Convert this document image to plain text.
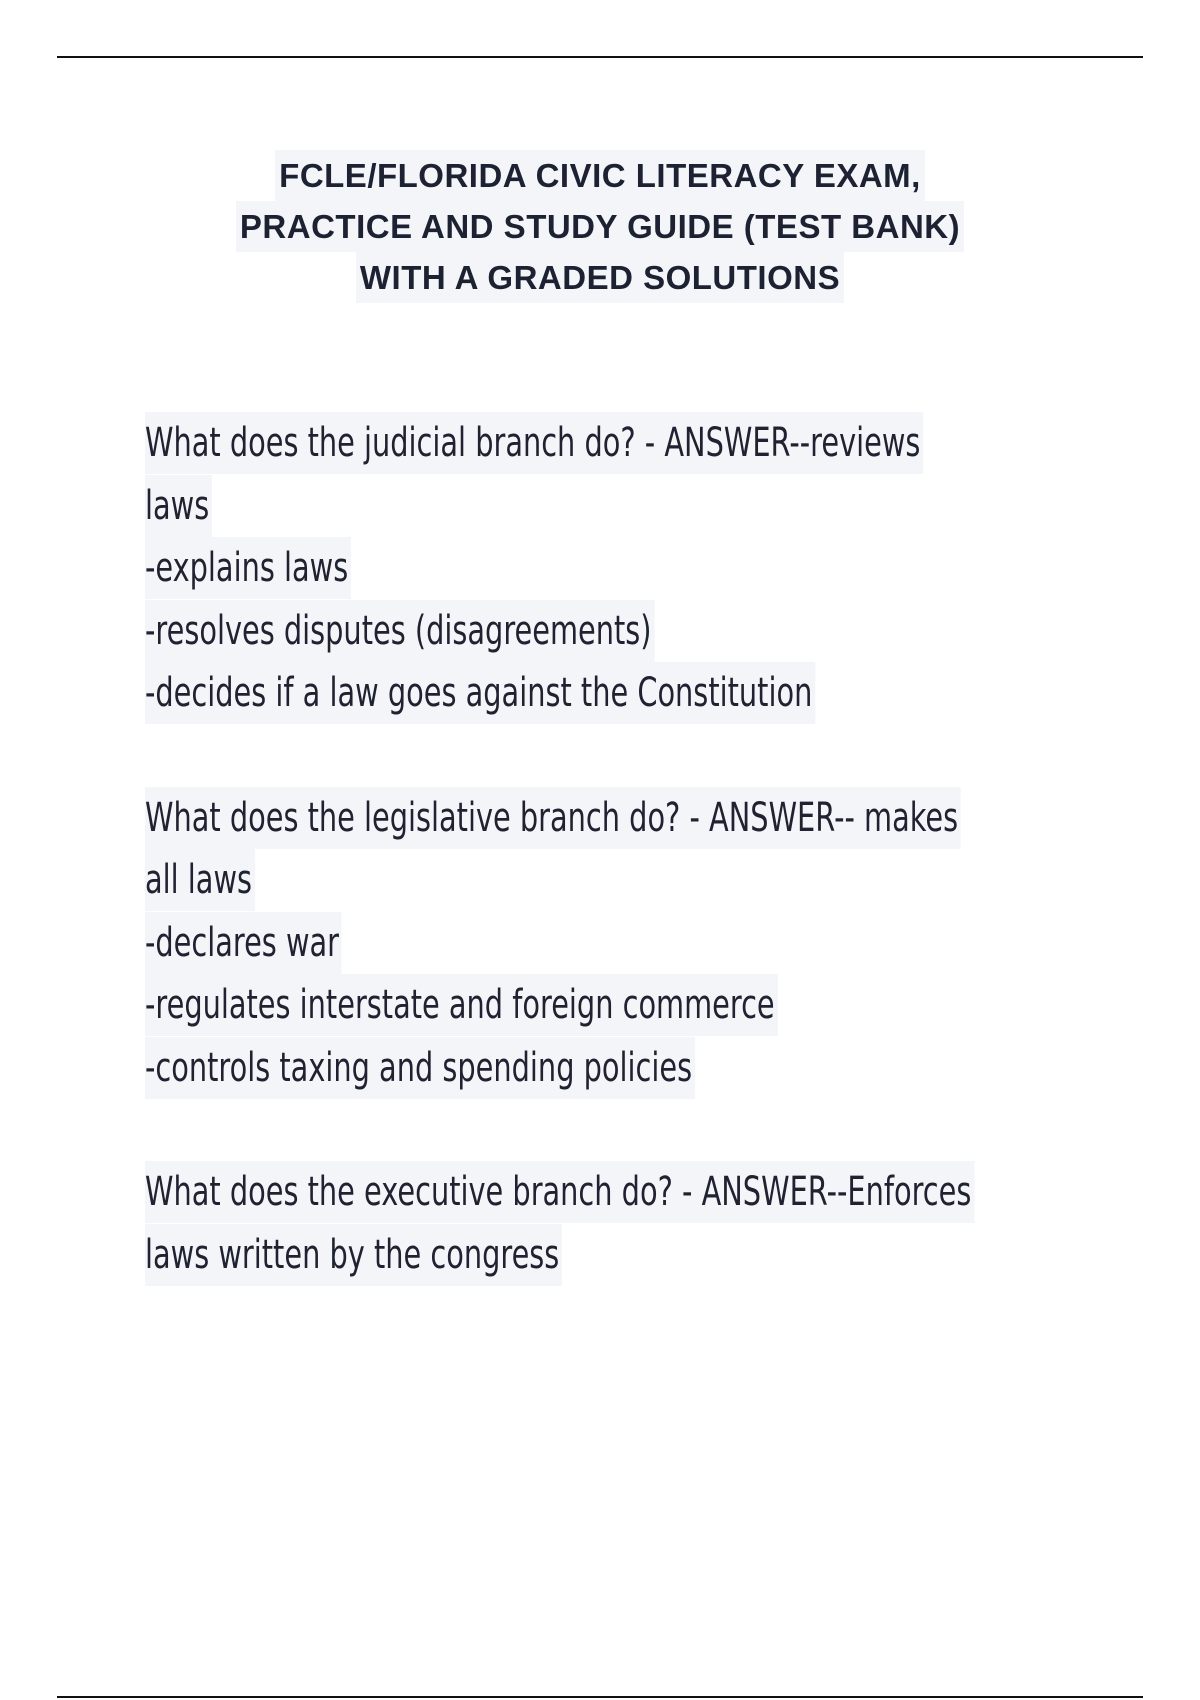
FCLE/FLORIDA CIVIC LITERACY EXAM,
PRACTICE AND STUDY GUIDE (TEST BANK)
WITH A GRADED SOLUTIONS
What does the judicial branch do? - ANSWER--reviews
laws
-explains laws
-resolves disputes (disagreements)
-decides if a law goes against the Constitution
What does the legislative branch do? - ANSWER-- makes
all laws
-declares war
-regulates interstate and foreign commerce
-controls taxing and spending policies
What does the executive branch do? - ANSWER--Enforces
laws written by the congress
